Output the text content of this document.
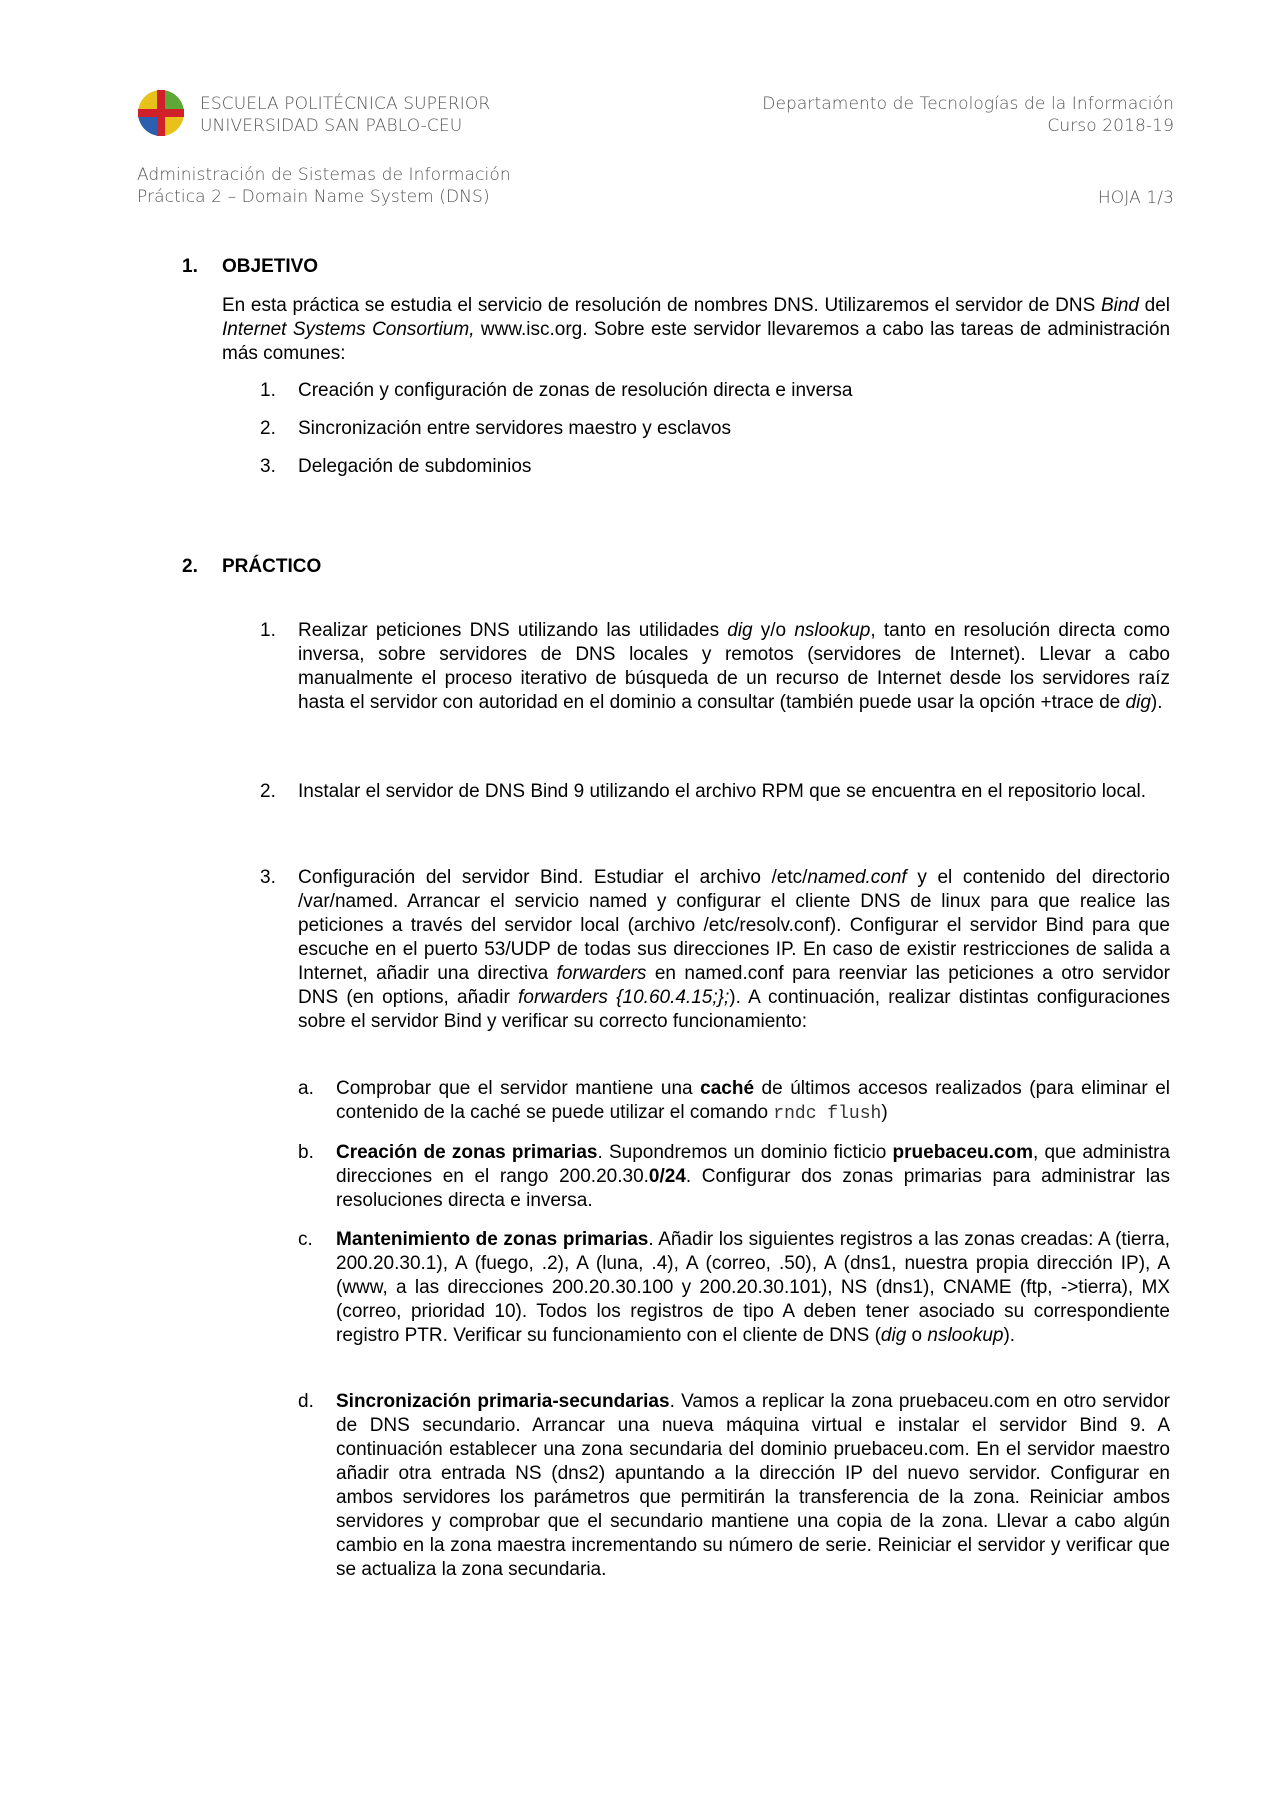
ESCUELA POLITÉCNICA SUPERIOR
UNIVERSIDAD SAN PABLO-CEU
Departamento de Tecnologías de la Información
Curso 2018-19
Administración de Sistemas de Información
Práctica 2 – Domain Name System (DNS)	HOJA 1/3
1. OBJETIVO

En esta práctica se estudia el servicio de resolución de nombres DNS. Utilizaremos el servidor de DNS Bind del Internet Systems Consortium, www.isc.org. Sobre este servidor llevaremos a cabo las tareas de administración más comunes:

1. Creación y configuración de zonas de resolución directa e inversa
2. Sincronización entre servidores maestro y esclavos
3. Delegación de subdominios
2. PRÁCTICO
1. Realizar peticiones DNS utilizando las utilidades dig y/o nslookup, tanto en resolución directa como inversa, sobre servidores de DNS locales y remotos (servidores de Internet). Llevar a cabo manualmente el proceso iterativo de búsqueda de un recurso de Internet desde los servidores raíz hasta el servidor con autoridad en el dominio a consultar (también puede usar la opción +trace de dig).

2. Instalar el servidor de DNS Bind 9 utilizando el archivo RPM que se encuentra en el repositorio local.

3. Configuración del servidor Bind. Estudiar el archivo /etc/named.conf y el contenido del directorio /var/named. Arrancar el servicio named y configurar el cliente DNS de linux para que realice las peticiones a través del servidor local (archivo /etc/resolv.conf). Configurar el servidor Bind para que escuche en el puerto 53/UDP de todas sus direcciones IP. En caso de existir restricciones de salida a Internet, añadir una directiva forwarders en named.conf para reenviar las peticiones a otro servidor DNS (en options, añadir forwarders {10.60.4.15;};). A continuación, realizar distintas configuraciones sobre el servidor Bind y verificar su correcto funcionamiento:

a. Comprobar que el servidor mantiene una caché de últimos accesos realizados (para eliminar el contenido de la caché se puede utilizar el comando rndc flush)

b. Creación de zonas primarias. Supondremos un dominio ficticio pruebaceu.com, que administra direcciones en el rango 200.20.30.0/24. Configurar dos zonas primarias para administrar las resoluciones directa e inversa.

c. Mantenimiento de zonas primarias. Añadir los siguientes registros a las zonas creadas: A (tierra, 200.20.30.1), A (fuego, .2), A (luna, .4), A (correo, .50), A (dns1, nuestra propia dirección IP), A (www, a las direcciones 200.20.30.100 y 200.20.30.101), NS (dns1), CNAME (ftp, ->tierra), MX (correo, prioridad 10). Todos los registros de tipo A deben tener asociado su correspondiente registro PTR. Verificar su funcionamiento con el cliente de DNS (dig o nslookup).

d. Sincronización primaria-secundarias. Vamos a replicar la zona pruebaceu.com en otro servidor de DNS secundario. Arrancar una nueva máquina virtual e instalar el servidor Bind 9. A continuación establecer una zona secundaria del dominio pruebaceu.com. En el servidor maestro añadir otra entrada NS (dns2) apuntando a la dirección IP del nuevo servidor. Configurar en ambos servidores los parámetros que permitirán la transferencia de la zona. Reiniciar ambos servidores y comprobar que el secundario mantiene una copia de la zona. Llevar a cabo algún cambio en la zona maestra incrementando su número de serie. Reiniciar el servidor y verificar que se actualiza la zona secundaria.
